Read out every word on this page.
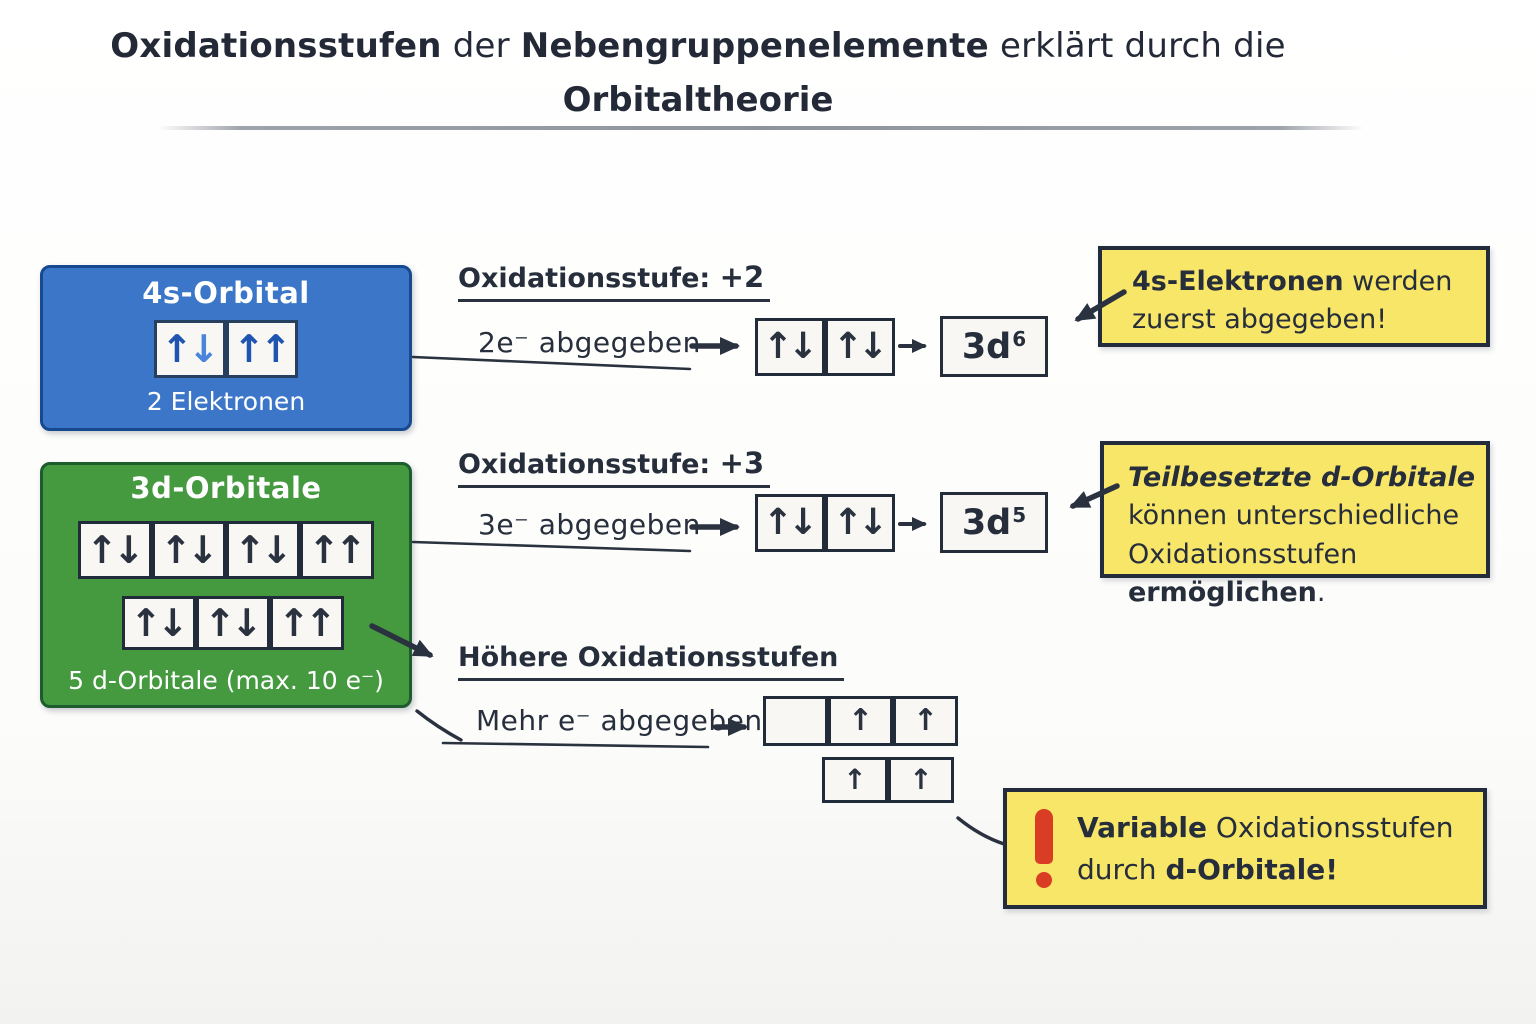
Oxidationsstufen der Nebengruppenelemente erklärt durch die
Orbitaltheorie
4s-Orbital
↑ ↓ ↑ ↑
2 Elektronen
3d-Orbitale
↑↓ ↑↓ ↑↓ ↑↑
↑↓ ↑↓ ↑↑
5 d-Orbitale (max. 10 e⁻)
Oxidationsstufe: +2
2e⁻ abgegeben ↑↓ ↑↓	3d 6
Oxidationsstufe: +3
3e⁻ abgegeben ↑↓ ↑↓	3d 5
Höhere Oxidationsstufen
Mehr e⁻ abgegeben	↑	↑
↑	↑
4s-Elektronen werden zuerst abgegeben!
Teilbesetzte d-Orbitale können unterschiedliche Oxidationsstufen ermöglichen.
Variable Oxidationsstufen durch d-Orbitale!
